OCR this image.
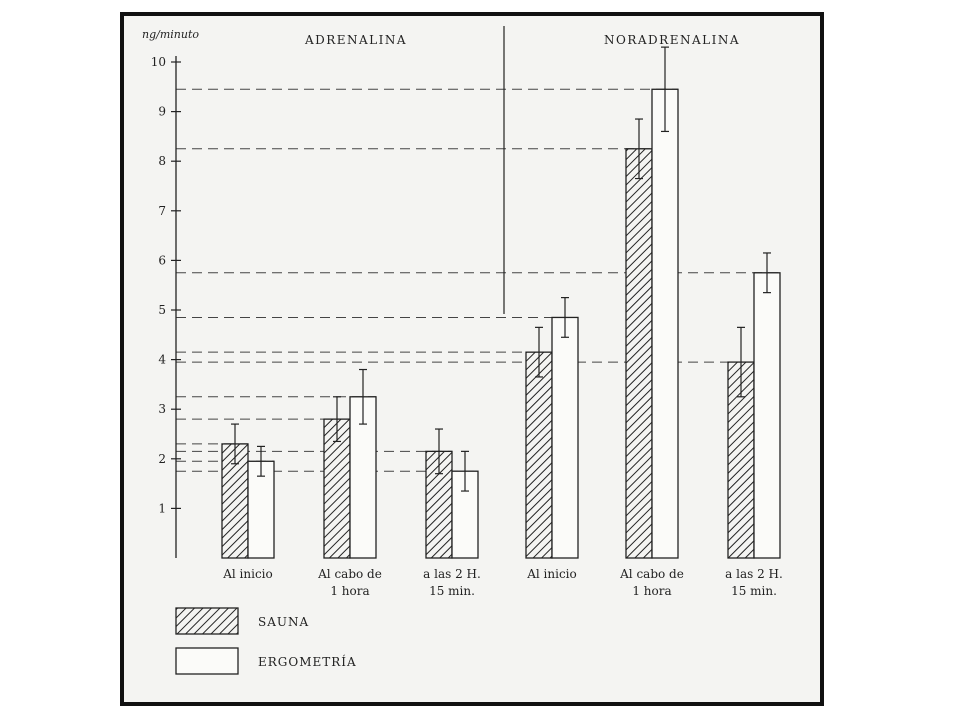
ng/minuto
1
2
3
4
5
6
7
8
9
10
ADRENALINA	NORADRENALINA
Al inicio	Al cabo de
1 hora
a las 2 H.
15 min.
Al inicio	Al cabo de
1 hora
a las 2 H.
15 min.
SAUNA
ERGOMETRÍA
